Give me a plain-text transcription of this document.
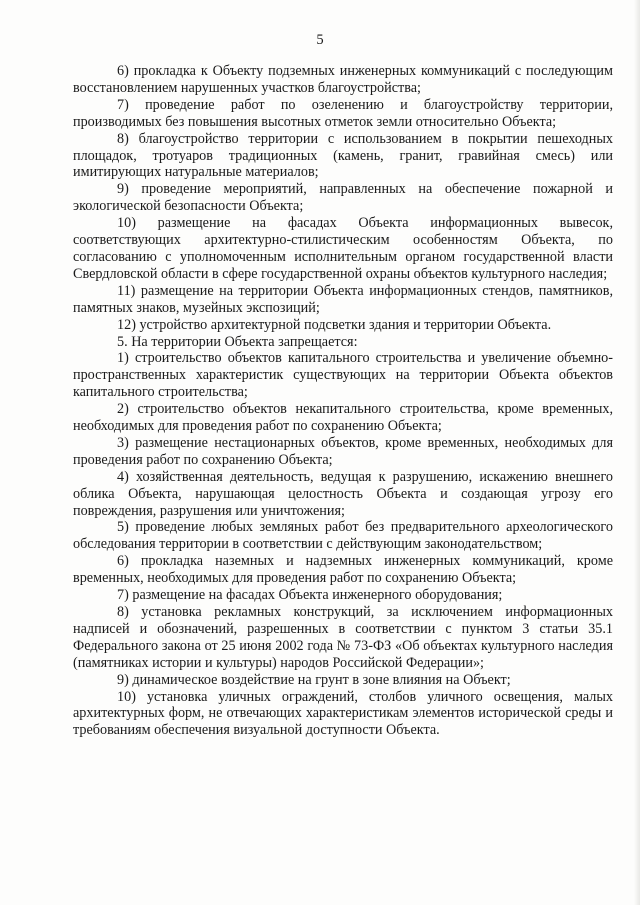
5

6) прокладка к Объекту подземных инженерных коммуникаций с последующим восстановлением нарушенных участков благоустройства;

7) проведение работ по озеленению и благоустройству территории, производимых без повышения высотных отметок земли относительно Объекта;

8) благоустройство территории с использованием в покрытии пешеходных площадок, тротуаров традиционных (камень, гранит, гравийная смесь) или имитирующих натуральные материалов;

9) проведение мероприятий, направленных на обеспечение пожарной и экологической безопасности Объекта;

10) размещение на фасадах Объекта информационных вывесок, соответствующих архитектурно-стилистическим особенностям Объекта, по согласованию с уполномоченным исполнительным органом государственной власти Свердловской области в сфере государственной охраны объектов культурного наследия;

11) размещение на территории Объекта информационных стендов, памятников, памятных знаков, музейных экспозиций;

12) устройство архитектурной подсветки здания и территории Объекта.

5. На территории Объекта запрещается:

1) строительство объектов капитального строительства и увеличение объемно-пространственных характеристик существующих на территории Объекта объектов капитального строительства;

2) строительство объектов некапитального строительства, кроме временных, необходимых для проведения работ по сохранению Объекта;

3) размещение нестационарных объектов, кроме временных, необходимых для проведения работ по сохранению Объекта;

4) хозяйственная деятельность, ведущая к разрушению, искажению внешнего облика Объекта, нарушающая целостность Объекта и создающая угрозу его повреждения, разрушения или уничтожения;

5) проведение любых земляных работ без предварительного археологического обследования территории в соответствии с действующим законодательством;

6) прокладка наземных и надземных инженерных коммуникаций, кроме временных, необходимых для проведения работ по сохранению Объекта;

7) размещение на фасадах Объекта инженерного оборудования;

8) установка рекламных конструкций, за исключением информационных надписей и обозначений, разрешенных в соответствии с пунктом 3 статьи 35.1 Федерального закона от 25 июня 2002 года № 73-ФЗ «Об объектах культурного наследия (памятниках истории и культуры) народов Российской Федерации»;

9) динамическое воздействие на грунт в зоне влияния на Объект;

10) установка уличных ограждений, столбов уличного освещения, малых архитектурных форм, не отвечающих характеристикам элементов исторической среды и требованиям обеспечения визуальной доступности Объекта.
